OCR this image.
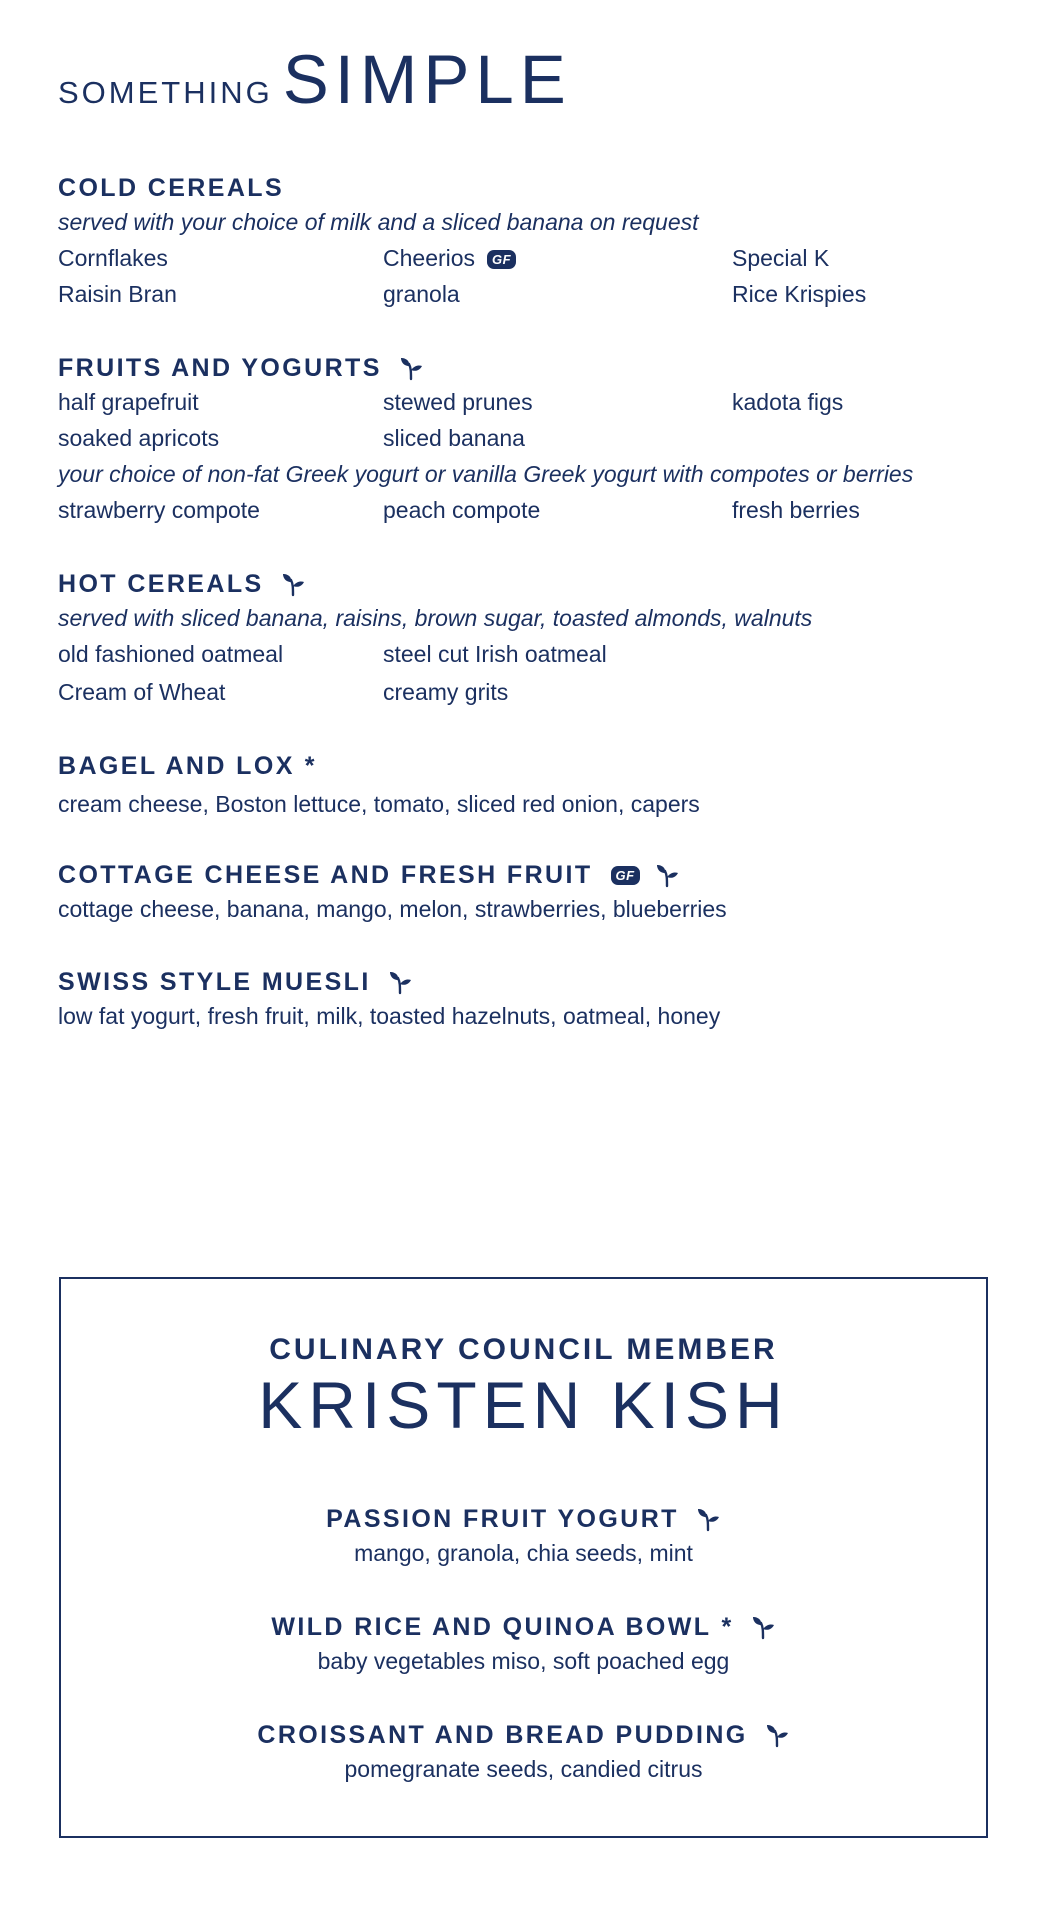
SOMETHING SIMPLE
COLD CEREALS
served with your choice of milk and a sliced banana on request
Cornflakes	Cheerios GF	Special K
Raisin Bran	granola	Rice Krispies
FRUITS AND YOGURTS
half grapefruit	stewed prunes	kadota figs
soaked apricots	sliced banana
your choice of non-fat Greek yogurt or vanilla Greek yogurt with compotes or berries
strawberry compote	peach compote	fresh berries
HOT CEREALS
served with sliced banana, raisins, brown sugar, toasted almonds, walnuts
old fashioned oatmeal	steel cut Irish oatmeal
Cream of Wheat	creamy grits
BAGEL AND LOX *
cream cheese, Boston lettuce, tomato, sliced red onion, capers
COTTAGE CHEESE AND FRESH FRUIT	GF
cottage cheese, banana, mango, melon, strawberries, blueberries
SWISS STYLE MUESLI
low fat yogurt, fresh fruit, milk, toasted hazelnuts, oatmeal, honey
CULINARY COUNCIL MEMBER
KRISTEN KISH
PASSION FRUIT YOGURT
mango, granola, chia seeds, mint
WILD RICE AND QUINOA BOWL *
baby vegetables miso, soft poached egg
CROISSANT AND BREAD PUDDING
pomegranate seeds, candied citrus
